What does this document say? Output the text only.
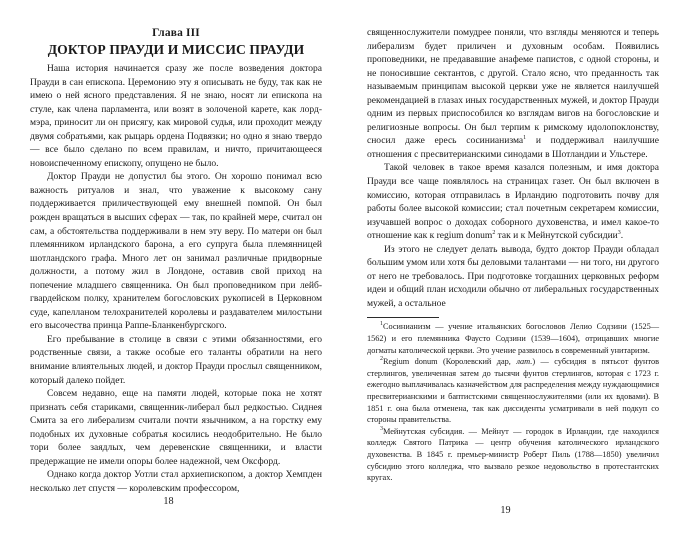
Глава III
ДОКТОР ПРАУДИ И МИССИС ПРАУДИ

Наша история начинается сразу же после возведения доктора Прауди в сан епископа. Церемонию эту я описывать не буду, так как не имею о ней ясного представления. Я не знаю, носят ли епископа на стуле, как члена парламента, или возят в золоченой карете, как лорд-мэра, приносит ли он присягу, как мировой судья, или проходит между двумя собратьями, как рыцарь ордена Подвязки; но одно я знаю твердо — все было сделано по всем правилам, и ничто, причитающееся новоиспеченному епископу, опущено не было.

Доктор Прауди не допустил бы этого. Он хорошо понимал всю важность ритуалов и знал, что уважение к высокому сану поддерживается приличествующей ему внешней помпой. Он был рожден вращаться в высших сферах — так, по крайней мере, считал он сам, а обстоятельства поддерживали в нем эту веру. По матери он был племянником ирландского барона, а его супруга была племянницей шотландского графа. Много лет он занимал различные придворные должности, а потому жил в Лондоне, оставив свой приход на попечение младшего священника. Он был проповедником при лейб-гвардейском полку, хранителем богословских рукописей в Церковном суде, капелланом телохранителей королевы и раздавателем милостыни его высочества принца Раппе-Бланкенбургского.

Его пребывание в столице в связи с этими обязанностями, его родственные связи, а также особые его таланты обратили на него внимание влиятельных людей, и доктор Прауди прослыл священником, который далеко пойдет.

Совсем недавно, еще на памяти людей, которые пока не хотят признать себя стариками, священник-либерал был редкостью. Сиднея Смита за его либерализм считали почти язычником, а на горстку ему подобных их духовные собратья косились неодобрительно. Не было тори более заядлых, чем деревенские священники, и власти предержащие не имели опоры более надежной, чем Оксфорд.

Однако когда доктор Уотли стал архиепископом, а доктор Хемпден несколько лет спустя — королевским профессором,

18

священнослужители помудрее поняли, что взгляды меняются и теперь либерализм будет приличен и духовным особам. Появились проповедники, не предававшие анафеме папистов, с одной стороны, и не поносившие сектантов, с другой. Стало ясно, что преданность так называемым принципам высокой церкви уже не является наилучшей рекомендацией в глазах иных государственных мужей, и доктор Прауди одним из первых приспособился ко взглядам вигов на богословские и религиозные вопросы. Он был терпим к римскому идолопоклонству, сносил даже ересь сосинианизма$^1$ и поддерживал наилучшие отношения с пресвитерианскими синодами в Шотландии и Ульстере.

Такой человек в такое время казался полезным, и имя доктора Прауди все чаще появлялось на страницах газет. Он был включен в комиссию, которая отправилась в Ирландию подготовить почву для работы более высокой комиссии; стал почетным секретарем комиссии, изучавшей вопрос о доходах соборного духовенства, и имел какое-то отношение как к regium donum$^2$ так и к Мейнутской субсидии$^3$.

Из этого не следует делать вывода, будто доктор Прауди обладал большим умом или хотя бы деловыми талантами — ни того, ни другого от него не требовалось. При подготовке тогдашних церковных реформ идеи и общий план исходили обычно от либеральных государственных мужей, а остальное

$^1$Сосинианизм — учение итальянских богословов Лелио Содзини (1525—1562) и его племянника Фаусто Содзини (1539—1604), отрицавших многие догматы католической церкви. Это учение развилось в современный унитаризм.

$^2$Regium donum (Королевский дар, лат.) — субсидия в пятьсот фунтов стерлингов, увеличенная затем до тысячи фунтов стерлингов, которая с 1723 г. ежегодно выплачивалась казначейством для распределения между нуждающимися пресвитерианскими и баптистскими священнослужителями (или их вдовами). В 1851 г. она была отменена, так как диссиденты усматривали в ней подкуп со стороны правительства.

$^3$Мейнутская субсидия. — Мейнут — городок в Ирландии, где находился колледж Святого Патрика — центр обучения католического ирландского духовенства. В 1845 г. премьер-министр Роберт Пиль (1788—1850) увеличил субсидию этого колледжа, что вызвало резкое недовольство в протестантских кругах.

19
